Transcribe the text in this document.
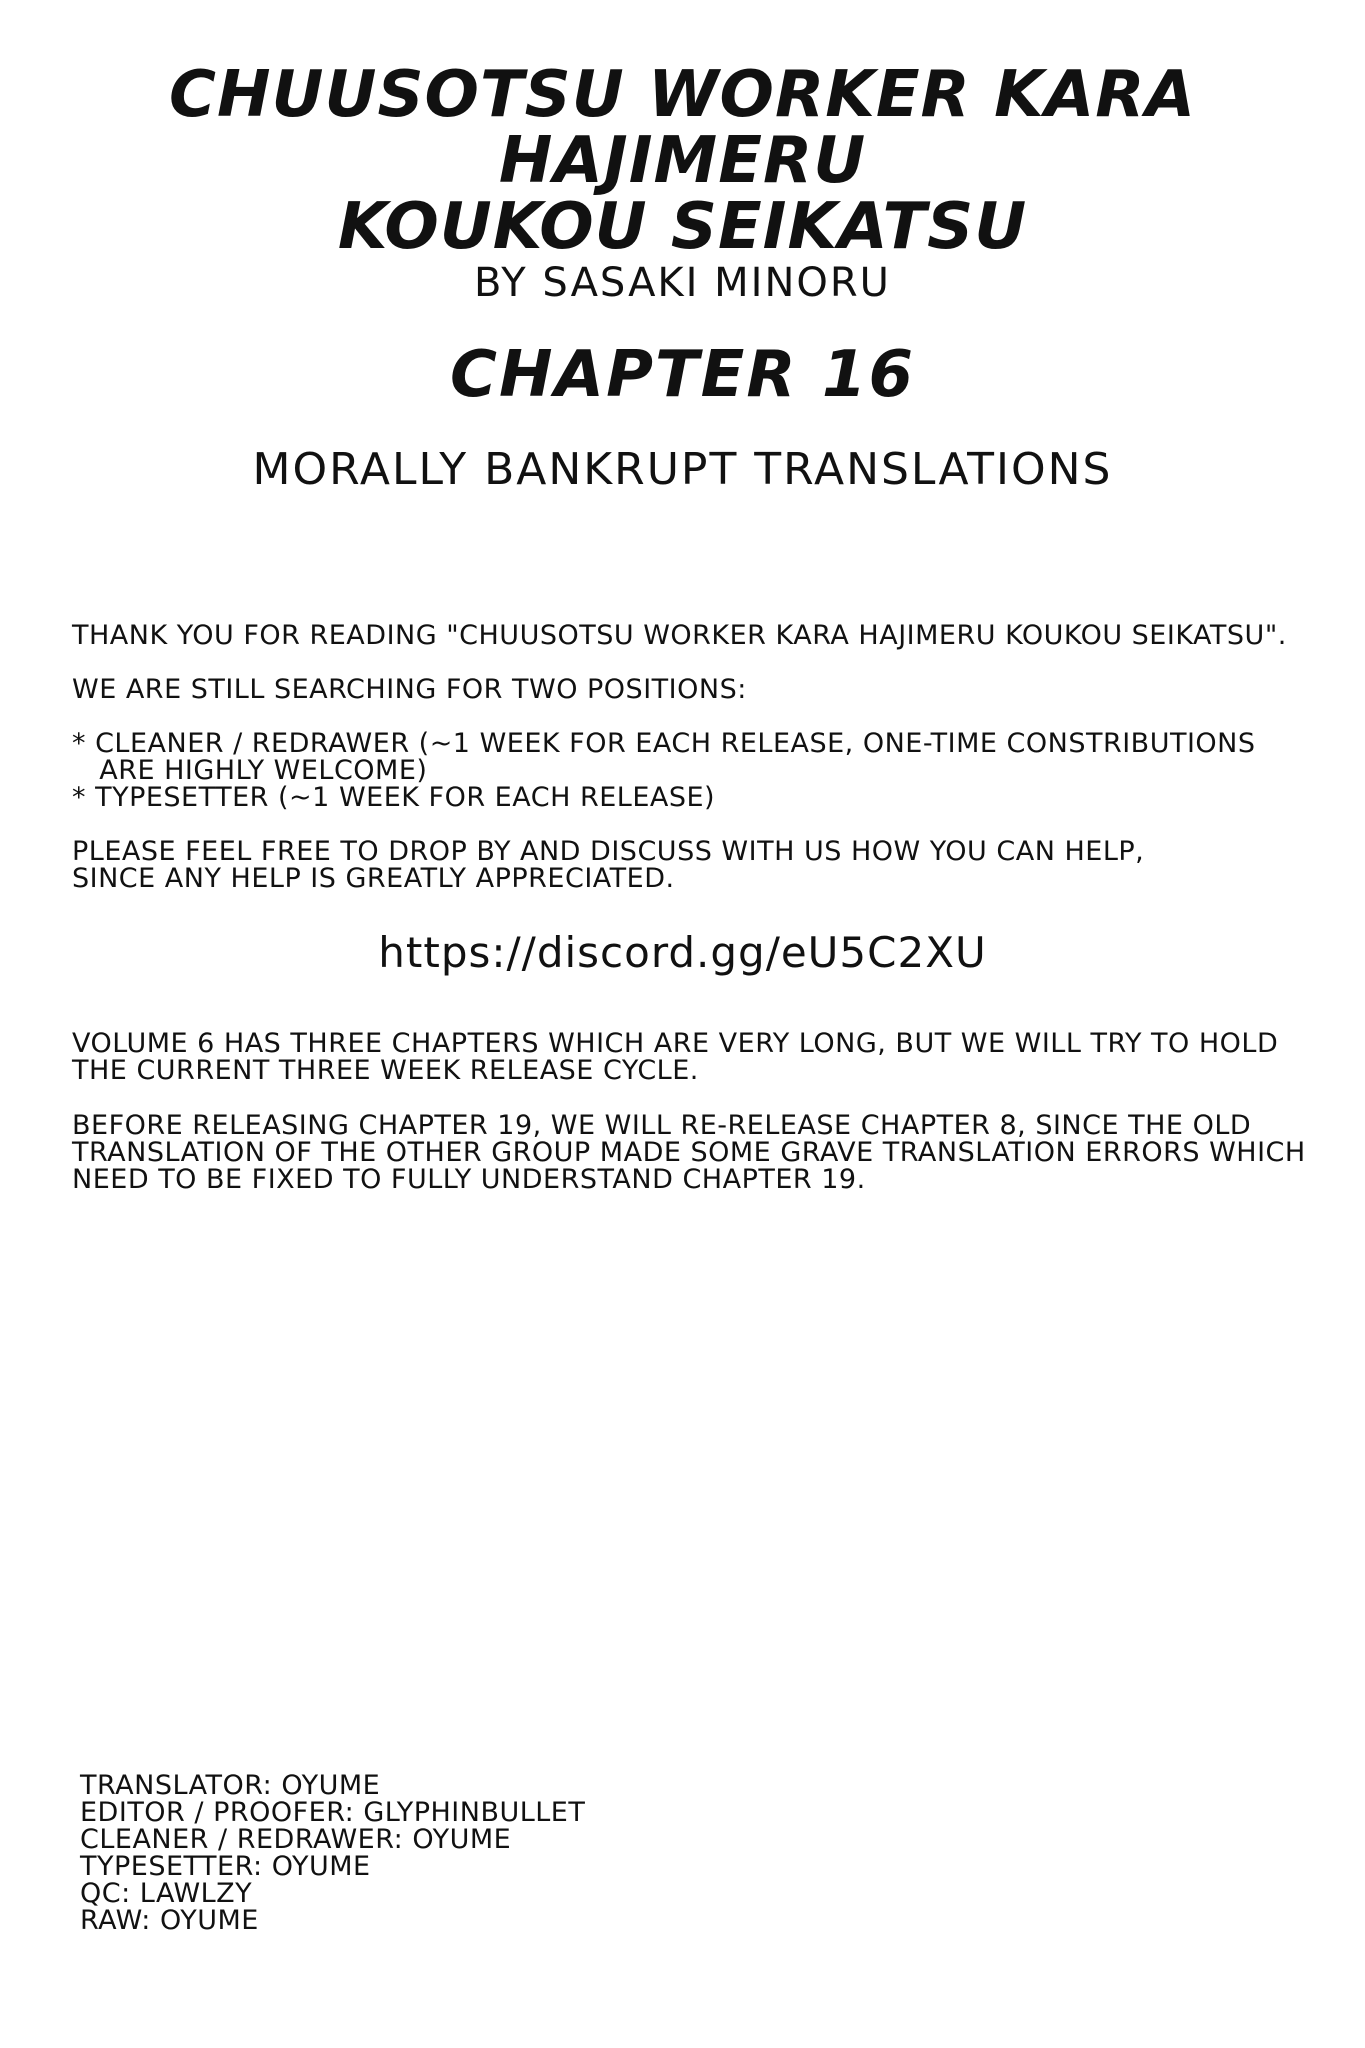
CHUUSOTSU WORKER KARA HAJIMERU
KOUKOU SEIKATSU
BY SASAKI MINORU
CHAPTER 16
MORALLY BANKRUPT TRANSLATIONS
THANK YOU FOR READING "CHUUSOTSU WORKER KARA HAJIMERU KOUKOU SEIKATSU".
WE ARE STILL SEARCHING FOR TWO POSITIONS:
* CLEANER / REDRAWER (~1 WEEK FOR EACH RELEASE, ONE-TIME CONSTRIBUTIONS
ARE HIGHLY WELCOME)
* TYPESETTER (~1 WEEK FOR EACH RELEASE)
PLEASE FEEL FREE TO DROP BY AND DISCUSS WITH US HOW YOU CAN HELP,
SINCE ANY HELP IS GREATLY APPRECIATED.
https://discord.gg/eU5C2XU
VOLUME 6 HAS THREE CHAPTERS WHICH ARE VERY LONG, BUT WE WILL TRY TO HOLD
THE CURRENT THREE WEEK RELEASE CYCLE.
BEFORE RELEASING CHAPTER 19, WE WILL RE-RELEASE CHAPTER 8, SINCE THE OLD
TRANSLATION OF THE OTHER GROUP MADE SOME GRAVE TRANSLATION ERRORS WHICH
NEED TO BE FIXED TO FULLY UNDERSTAND CHAPTER 19.
TRANSLATOR: OYUME
EDITOR / PROOFER: GLYPHINBULLET
CLEANER / REDRAWER: OYUME
TYPESETTER: OYUME
QC: LAWLZY
RAW: OYUME
